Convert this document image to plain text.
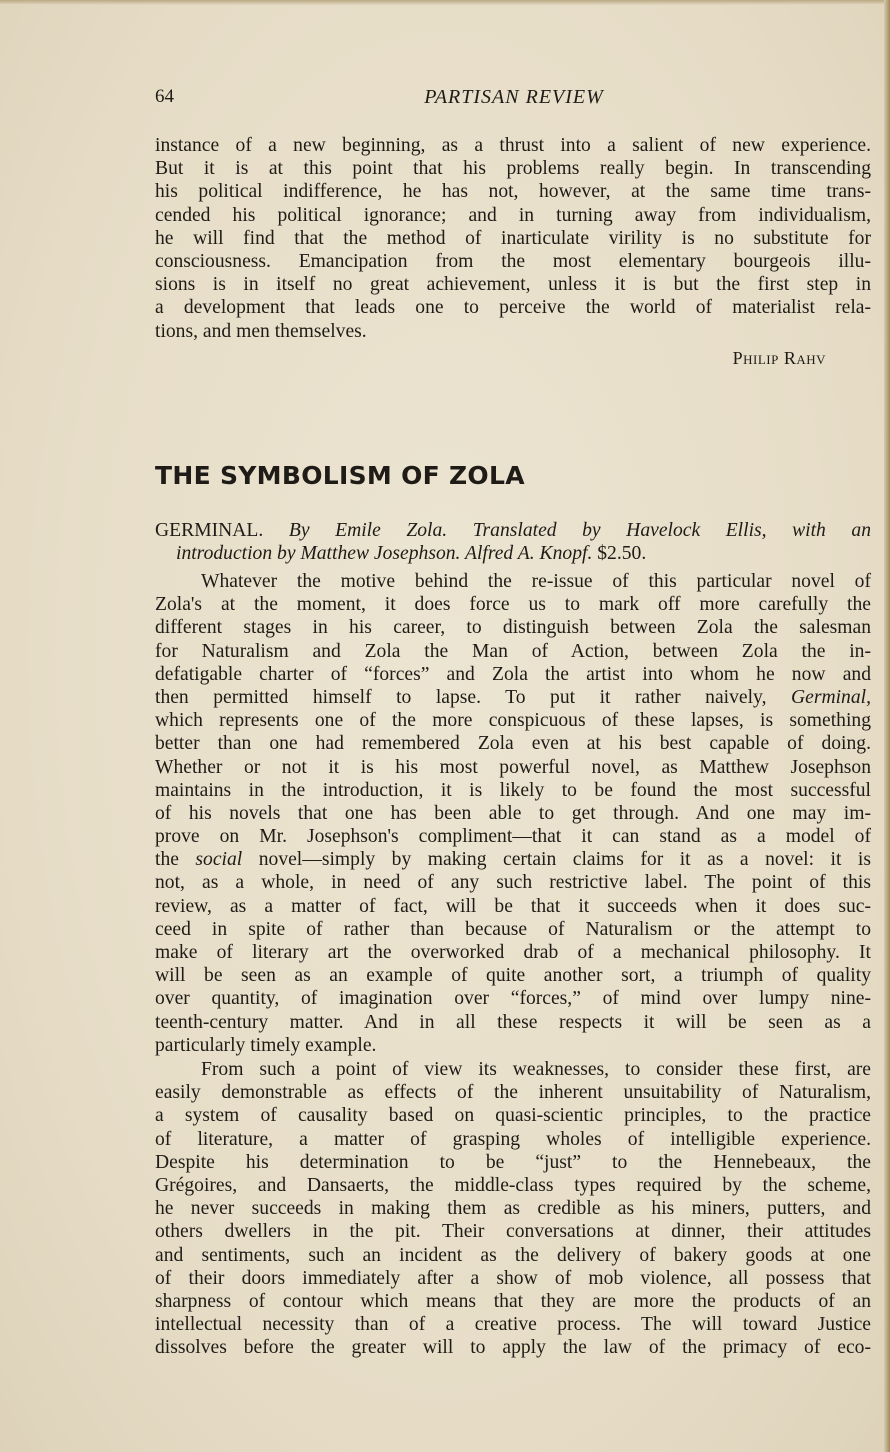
64	PARTISAN REVIEW
instance of a new beginning, as a thrust into a salient of new experience.
But it is at this point that his problems really begin. In transcending
his political indifference, he has not, however, at the same time trans-
cended his political ignorance; and in turning away from individualism,
he will find that the method of inarticulate virility is no substitute for
consciousness. Emancipation from the most elementary bourgeois illu-
sions is in itself no great achievement, unless it is but the first step in
a development that leads one to perceive the world of materialist rela-
tions, and men themselves.
Philip Rahv
THE SYMBOLISM OF ZOLA
GERMINAL. By Emile Zola. Translated by Havelock Ellis, with an
introduction by Matthew Josephson. Alfred A. Knopf. $2.50.
Whatever the motive behind the re-issue of this particular novel of
Zola's at the moment, it does force us to mark off more carefully the
different stages in his career, to distinguish between Zola the salesman
for Naturalism and Zola the Man of Action, between Zola the in-
defatigable charter of “forces” and Zola the artist into whom he now and
then permitted himself to lapse. To put it rather naively, Germinal,
which represents one of the more conspicuous of these lapses, is something
better than one had remembered Zola even at his best capable of doing.
Whether or not it is his most powerful novel, as Matthew Josephson
maintains in the introduction, it is likely to be found the most successful
of his novels that one has been able to get through. And one may im-
prove on Mr. Josephson's compliment—that it can stand as a model of
the social novel—simply by making certain claims for it as a novel: it is
not, as a whole, in need of any such restrictive label. The point of this
review, as a matter of fact, will be that it succeeds when it does suc-
ceed in spite of rather than because of Naturalism or the attempt to
make of literary art the overworked drab of a mechanical philosophy. It
will be seen as an example of quite another sort, a triumph of quality
over quantity, of imagination over “forces,” of mind over lumpy nine-
teenth-century matter. And in all these respects it will be seen as a
particularly timely example.
From such a point of view its weaknesses, to consider these first, are
easily demonstrable as effects of the inherent unsuitability of Naturalism,
a system of causality based on quasi-scientic principles, to the practice
of literature, a matter of grasping wholes of intelligible experience.
Despite his determination to be “just” to the Hennebeaux, the
Grégoires, and Dansaerts, the middle-class types required by the scheme,
he never succeeds in making them as credible as his miners, putters, and
others dwellers in the pit. Their conversations at dinner, their attitudes
and sentiments, such an incident as the delivery of bakery goods at one
of their doors immediately after a show of mob violence, all possess that
sharpness of contour which means that they are more the products of an
intellectual necessity than of a creative process. The will toward Justice
dissolves before the greater will to apply the law of the primacy of eco-
